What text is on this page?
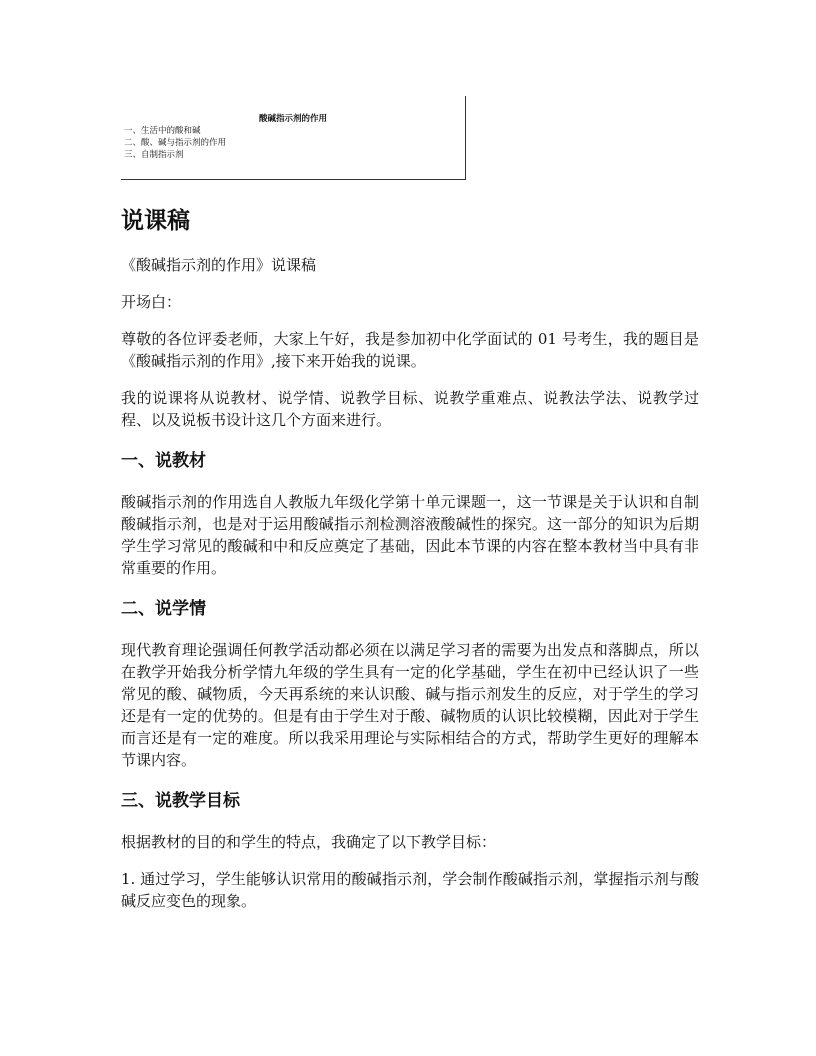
酸碱指示剂的作用
一、生活中的酸和碱
二、酸、碱与指示剂的作用
三、自制指示剂
说课稿

《酸碱指示剂的作用》说课稿

开场白：

尊敬的各位评委老师，大家上午好，我是参加初中化学面试的 01 号考生，我的题目是《酸碱指示剂的作用》,接下来开始我的说课。

我的说课将从说教材、说学情、说教学目标、说教学重难点、说教法学法、说教学过程、以及说板书设计这几个方面来进行。

一、说教材

酸碱指示剂的作用选自人教版九年级化学第十单元课题一，这一节课是关于认识和自制酸碱指示剂，也是对于运用酸碱指示剂检测溶液酸碱性的探究。这一部分的知识为后期学生学习常见的酸碱和中和反应奠定了基础，因此本节课的内容在整本教材当中具有非常重要的作用。

二、说学情

现代教育理论强调任何教学活动都必须在以满足学习者的需要为出发点和落脚点，所以在教学开始我分析学情九年级的学生具有一定的化学基础，学生在初中已经认识了一些常见的酸、碱物质，今天再系统的来认识酸、碱与指示剂发生的反应，对于学生的学习还是有一定的优势的。但是有由于学生对于酸、碱物质的认识比较模糊，因此对于学生而言还是有一定的难度。所以我采用理论与实际相结合的方式，帮助学生更好的理解本节课内容。

三、说教学目标

根据教材的目的和学生的特点，我确定了以下教学目标：

1. 通过学习，学生能够认识常用的酸碱指示剂，学会制作酸碱指示剂，掌握指示剂与酸碱反应变色的现象。
